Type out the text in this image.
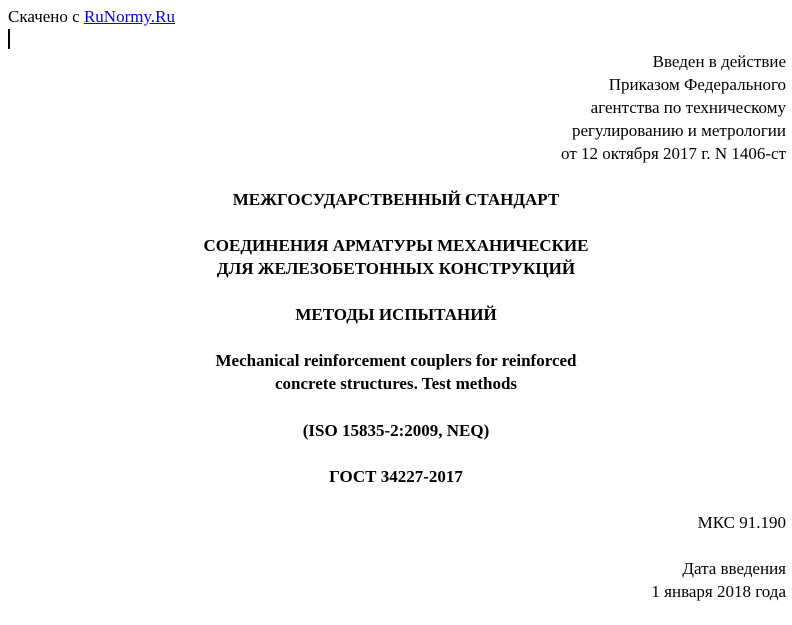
Скачено с RuNormy.Ru
Введен в действие
Приказом Федерального
агентства по техническому
регулированию и метрологии
от 12 октября 2017 г. N 1406-ст
МЕЖГОСУДАРСТВЕННЫЙ СТАНДАРТ
СОЕДИНЕНИЯ АРМАТУРЫ МЕХАНИЧЕСКИЕ
ДЛЯ ЖЕЛЕЗОБЕТОННЫХ КОНСТРУКЦИЙ
МЕТОДЫ ИСПЫТАНИЙ
Mechanical reinforcement couplers for reinforced
concrete structures. Test methods
(ISO 15835-2:2009, NEQ)
ГОСТ 34227-2017
МКС 91.190
Дата введения
1 января 2018 года
